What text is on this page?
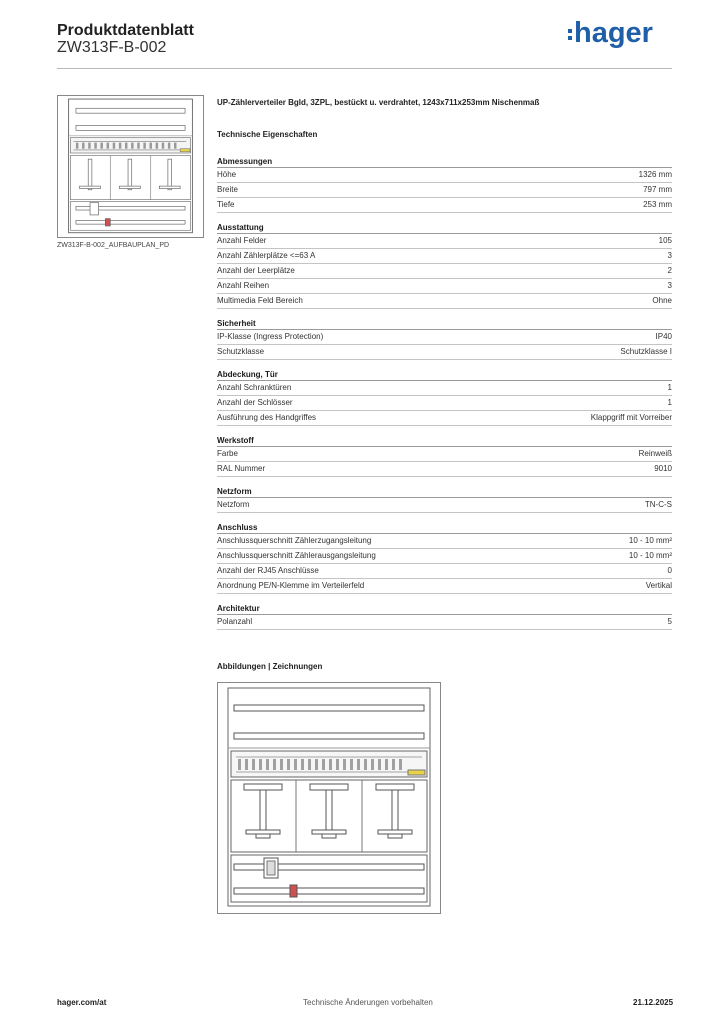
Produktdatenblatt
ZW313F-B-002	hager
ZW313F-B-002_AUFBAUPLAN_PD
UP-Zählerverteiler Bgld, 3ZPL, bestückt u. verdrahtet, 1243x711x253mm Nischenmaß
Technische Eigenschaften
Abmessungen
Höhe	1326 mm
Breite	797 mm
Tiefe	253 mm
Ausstattung
Anzahl Felder	105
Anzahl Zählerplätze <=63 A	3
Anzahl der Leerplätze	2
Anzahl Reihen	3
Multimedia Feld Bereich	Ohne
Sicherheit
IP-Klasse (Ingress Protection)	IP40
Schutzklasse	Schutzklasse I
Abdeckung, Tür
Anzahl Schranktüren	1
Anzahl der Schlösser	1
Ausführung des Handgriffes	Klappgriff mit Vorreiber
Werkstoff
Farbe	Reinweiß
RAL Nummer	9010
Netzform
Netzform	TN-C-S
Anschluss
Anschlussquerschnitt Zählerzugangsleitung	10 - 10 mm²
Anschlussquerschnitt Zählerausgangsleitung	10 - 10 mm²
Anzahl der RJ45 Anschlüsse	0
Anordnung PE/N-Klemme im Verteilerfeld	Vertikal
Architektur
Polanzahl	5
Abbildungen | Zeichnungen
hager.com/at	Technische Änderungen vorbehalten	21.12.2025
